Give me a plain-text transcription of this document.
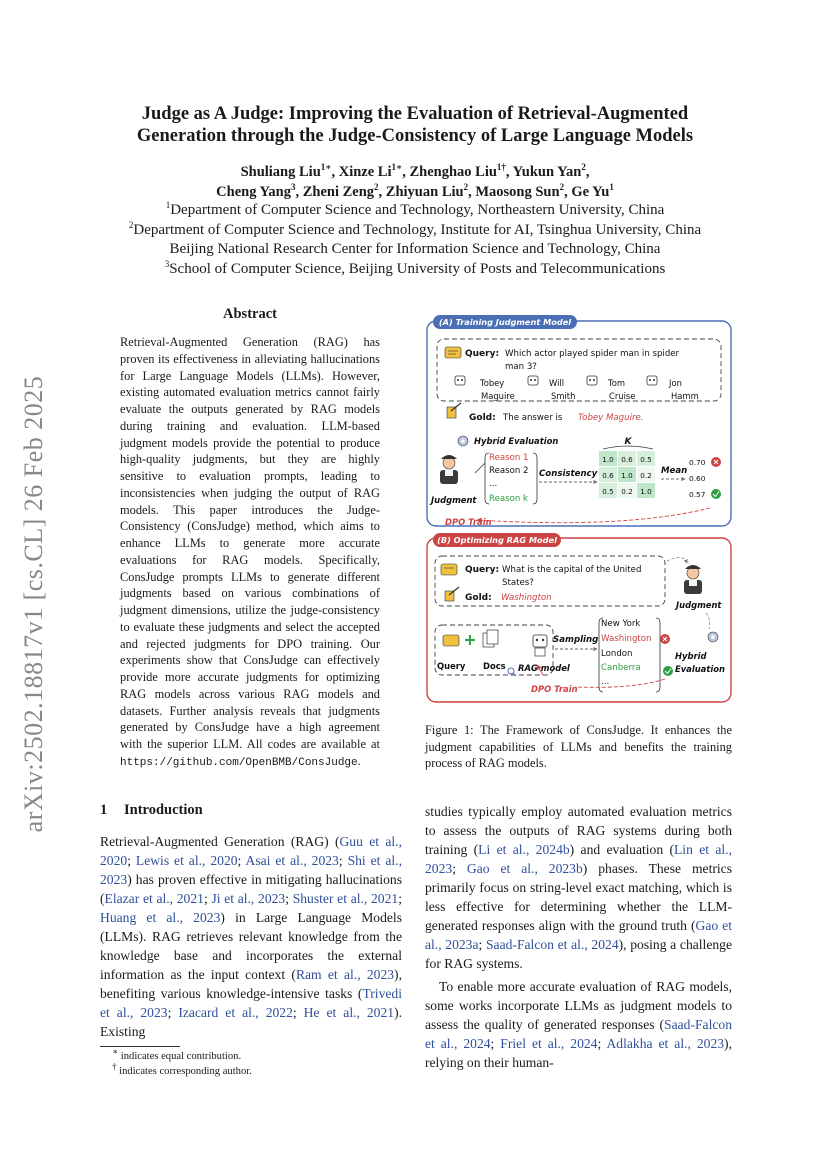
arXiv:2502.18817v1 [cs.CL] 26 Feb 2025
Judge as A Judge: Improving the Evaluation of Retrieval-Augmented
Generation through the Judge-Consistency of Large Language Models
Shuliang Liu$^{1∗}$, Xinze $Li^{1∗}$, Zhenghao Liu$^{1\dagger}$, Yukun Yan$^2$,
Cheng Yang$^3$, Zheni Zeng$^2$, Zhiyuan Liu$^2$, Maosong Sun$^2$, Ge Yu$^1$
$^1$Department of Computer Science and Technology, Northeastern University, China
$^2$Department of Computer Science and Technology, Institute for AI, Tsinghua University, China
Beijing National Research Center for Information Science and Technology, China
$^3$School of Computer Science, Beijing University of Posts and Telecommunications
Abstract
Retrieval-Augmented Generation (RAG) has proven its effectiveness in alleviating hallucinations for Large Language Models (LLMs). However, existing automated evaluation metrics cannot fairly evaluate the outputs generated by RAG models during training and evaluation. LLM-based judgment models provide the potential to produce high-quality judgments, but they are highly sensitive to evaluation prompts, leading to inconsistencies when judging the output of RAG models. This paper introduces the Judge-Consistency (ConsJudge) method, which aims to enhance LLMs to generate more accurate evaluations for RAG models. Specifically, ConsJudge prompts LLMs to generate different judgments based on various combinations of judgment dimensions, utilize the judge-consistency to evaluate these judgments and select the accepted and rejected judgments for DPO training. Our experiments show that ConsJudge can effectively provide more accurate judgments for optimizing RAG models across various RAG models and datasets. Further analysis reveals that judgments generated by ConsJudge have a high agreement with the superior LLM. All codes are available at https://github.com/OpenBMB/ConsJudge.
1 Introduction
Retrieval-Augmented Generation (RAG) (Guu et al., 2020; Lewis et al., 2020; Asai et al., 2023; Shi et al., 2023) has proven effective in mitigating hallucinations (Elazar et al., 2021; Ji et al., 2023; Shuster et al., 2021; Huang et al., 2023) in Large Language Models (LLMs). RAG retrieves relevant knowledge from the knowledge base and incorporates the external information as the input context (Ram et al., 2023), benefiting various knowledge-intensive tasks (Trivedi et al., 2023; Izacard et al., 2022; He et al., 2021). Existing

studies typically employ automated evaluation metrics to assess the outputs of RAG systems during both training (Li et al., 2024b) and evaluation (Lin et al., 2023; Gao et al., 2023b) phases. These metrics primarily focus on string-level exact matching, which is less effective for determining whether the LLM-generated responses align with the ground truth (Gao et al., 2023a; Saad-Falcon et al., 2024), posing a challenge for RAG systems.

To enable more accurate evaluation of RAG models, some works incorporate LLMs as judgment models to assess the quality of generated responses (Saad-Falcon et al., 2024; Friel et al., 2024; Adlakha et al., 2023), relying on their human-

∗ indicates equal contribution.
† indicates corresponding author.
(A) Training Judgment Model
Query: Which actor played spider man in spider
man 3?
Tobey
Maguire
Will
Smith
Tom
Cruise
Jon
Hamm
Gold: The answer is Tobey Maguire.
Hybrid Evaluation	K
Judgment
Reason 1
Reason 2
...
Reason k
Consistency
1.0 0.6 0.5
0.6 1.0 0.2
0.5 0.2 1.0
Mean
0.70
0.60
0.57
DPO Train
(B) Optimizing RAG Model
Query: What is the capital of the United
States?
Gold: Washington
Judgment
Query Docs RAG model
Sampling
New York
Washington
London
Canberra
...
Hybrid
Evaluation
DPO Train
Figure 1: The Framework of ConsJudge. It enhances the judgment capabilities of LLMs and benefits the training process of RAG models.
